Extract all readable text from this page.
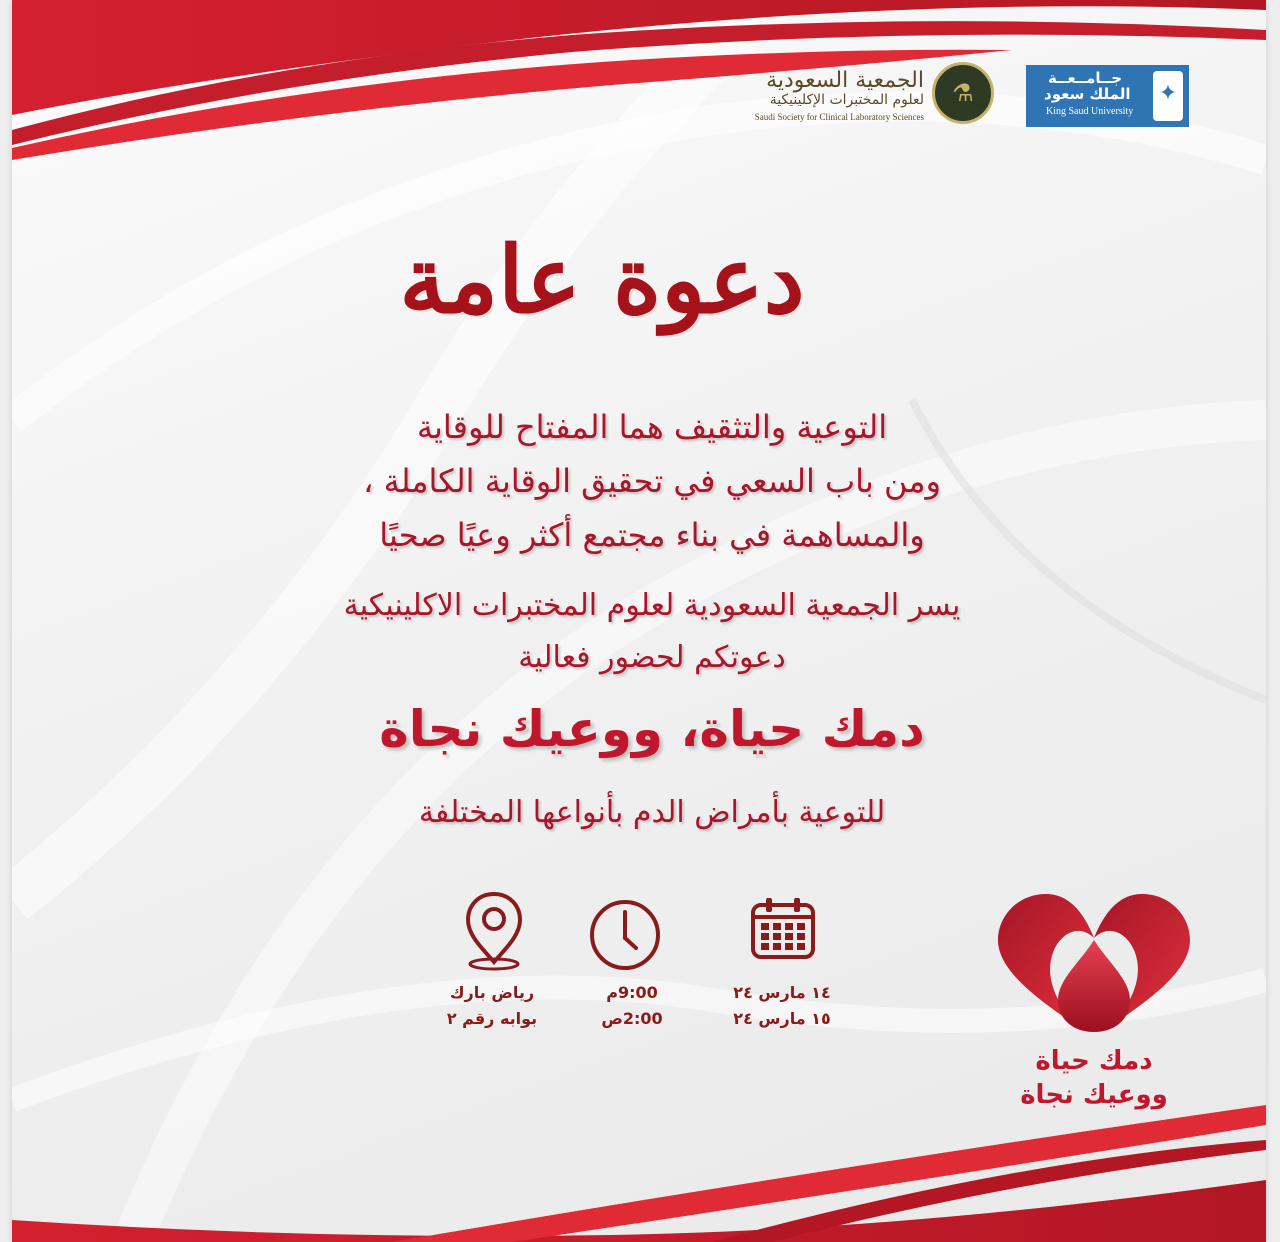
جــامــعــة
الملك سعود
King Saud University
✦
الجمعية السعودية
لعلوم المختبرات الإكلينيكية
Saudi Society for Clinical Laboratory Sciences
⚗
دعوة عامة
التوعية والتثقيف هما المفتاح للوقاية
ومن باب السعي في تحقيق الوقاية الكاملة ،
والمساهمة في بناء مجتمع أكثر وعيًا صحيًا
يسر الجمعية السعودية لعلوم المختبرات الاكلينيكية
دعوتكم لحضور فعالية
دمك حياة، ووعيك نجاة
للتوعية بأمراض الدم بأنواعها المختلفة
١٤ مارس ٢٤
١٥ مارس ٢٤
9:00م
2:00ص
رياض بارك
بوابه رقم ٢
دمك حياة
ووعيك نجاة
